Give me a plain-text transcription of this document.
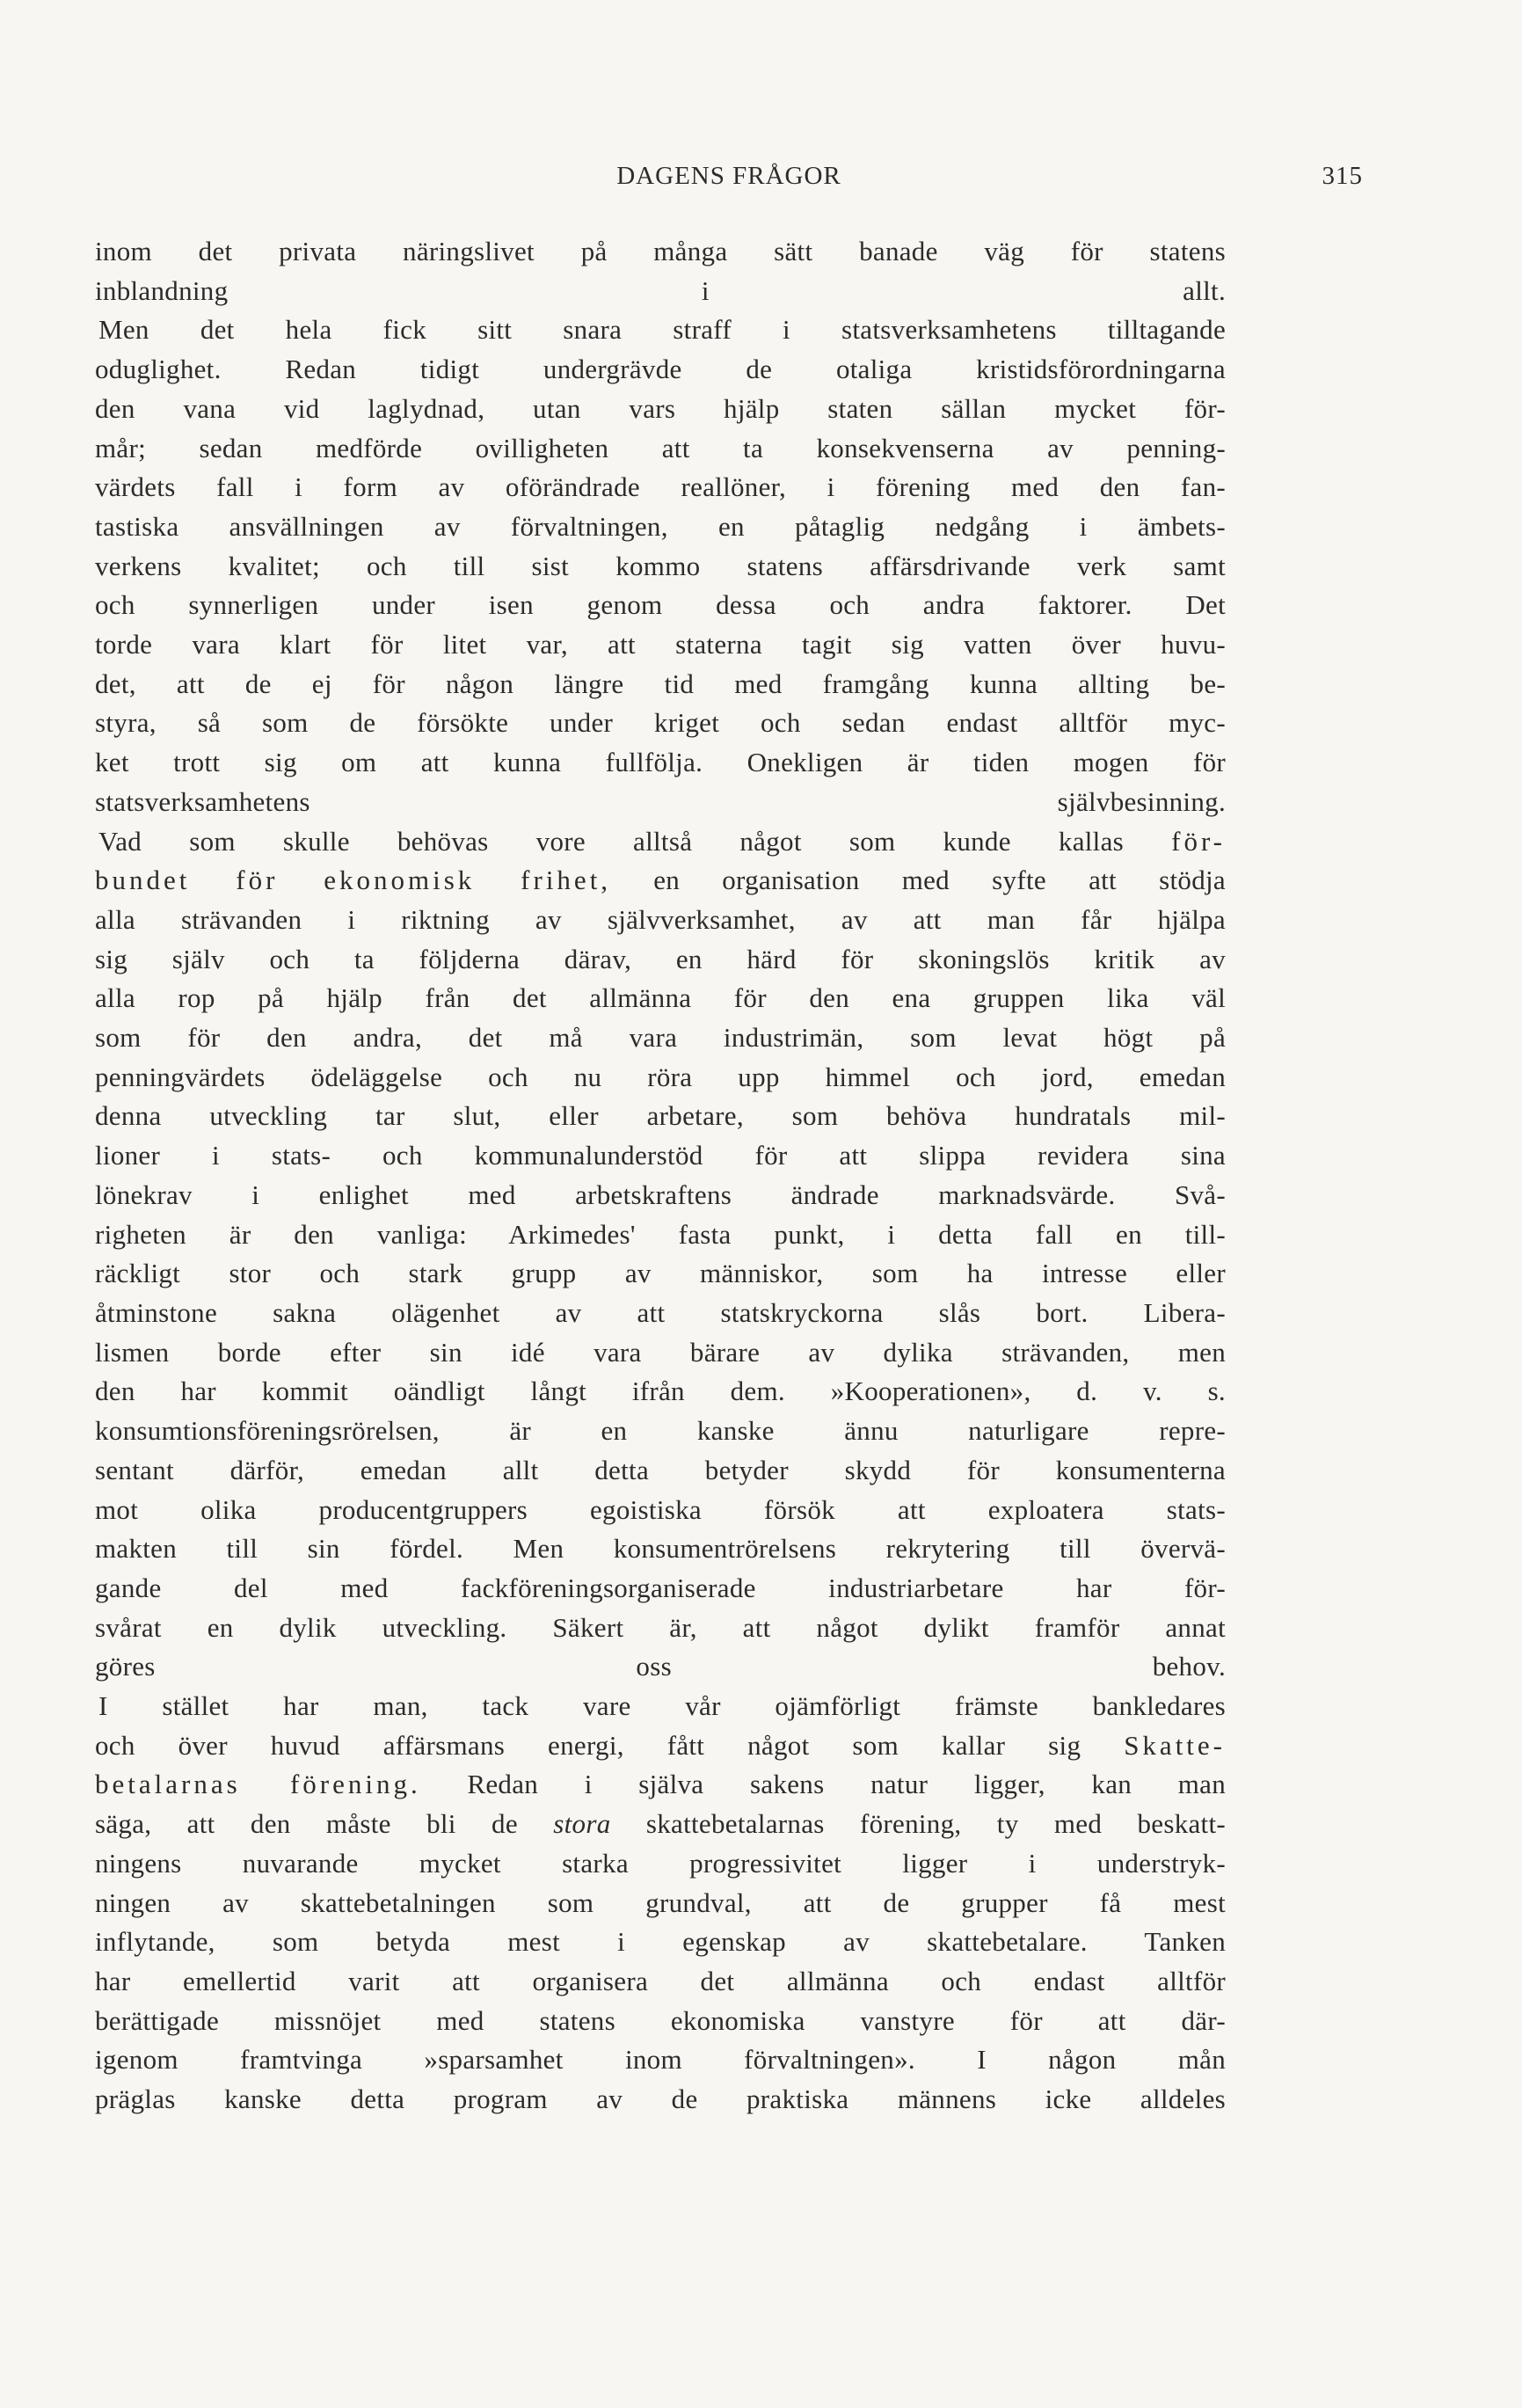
DAGENS FRÅGOR	315

inom det privata näringslivet på många sätt banade väg för statens
inblandning i allt.

Men det hela fick sitt snara straff i statsverksamhetens tilltagande
oduglighet. Redan tidigt undergrävde de otaliga kristidsförordningarna
den vana vid laglydnad, utan vars hjälp staten sällan mycket för-
mår; sedan medförde ovilligheten att ta konsekvenserna av penning-
värdets fall i form av oförändrade reallöner, i förening med den fan-
tastiska ansvällningen av förvaltningen, en påtaglig nedgång i ämbets-
verkens kvalitet; och till sist kommo statens affärsdrivande verk samt
och synnerligen under isen genom dessa och andra faktorer. Det
torde vara klart för litet var, att staterna tagit sig vatten över huvu-
det, att de ej för någon längre tid med framgång kunna allting be-
styra, så som de försökte under kriget och sedan endast alltför myc-
ket trott sig om att kunna fullfölja. Onekligen är tiden mogen för
statsverksamhetens självbesinning.

Vad som skulle behövas vore alltså något som kunde kallas för-
bundet för ekonomisk frihet, en organisation med syfte att stödja
alla strävanden i riktning av självverksamhet, av att man får hjälpa
sig själv och ta följderna därav, en härd för skoningslös kritik av
alla rop på hjälp från det allmänna för den ena gruppen lika väl
som för den andra, det må vara industrimän, som levat högt på
penningvärdets ödeläggelse och nu röra upp himmel och jord, emedan
denna utveckling tar slut, eller arbetare, som behöva hundratals mil-
lioner i stats- och kommunalunderstöd för att slippa revidera sina
lönekrav i enlighet med arbetskraftens ändrade marknadsvärde. Svå-
righeten är den vanliga: Arkimedes' fasta punkt, i detta fall en till-
räckligt stor och stark grupp av människor, som ha intresse eller
åtminstone sakna olägenhet av att statskryckorna slås bort. Libera-
lismen borde efter sin idé vara bärare av dylika strävanden, men
den har kommit oändligt långt ifrån dem. »Kooperationen», d. v. s.
konsumtionsföreningsrörelsen, är en kanske ännu naturligare repre-
sentant därför, emedan allt detta betyder skydd för konsumenterna
mot olika producentgruppers egoistiska försök att exploatera stats-
makten till sin fördel. Men konsumentrörelsens rekrytering till övervä-
gande del med fackföreningsorganiserade industriarbetare har för-
svårat en dylik utveckling. Säkert är, att något dylikt framför annat
göres oss behov.

I stället har man, tack vare vår ojämförligt främste bankledares
och över huvud affärsmans energi, fått något som kallar sig Skatte-
betalarnas förening. Redan i själva sakens natur ligger, kan man
säga, att den måste bli de stora skattebetalarnas förening, ty med beskatt-
ningens nuvarande mycket starka progressivitet ligger i understryk-
ningen av skattebetalningen som grundval, att de grupper få mest
inflytande, som betyda mest i egenskap av skattebetalare. Tanken
har emellertid varit att organisera det allmänna och endast alltför
berättigade missnöjet med statens ekonomiska vanstyre för att där-
igenom framtvinga »sparsamhet inom förvaltningen». I någon mån
präglas kanske detta program av de praktiska männens icke alldeles
